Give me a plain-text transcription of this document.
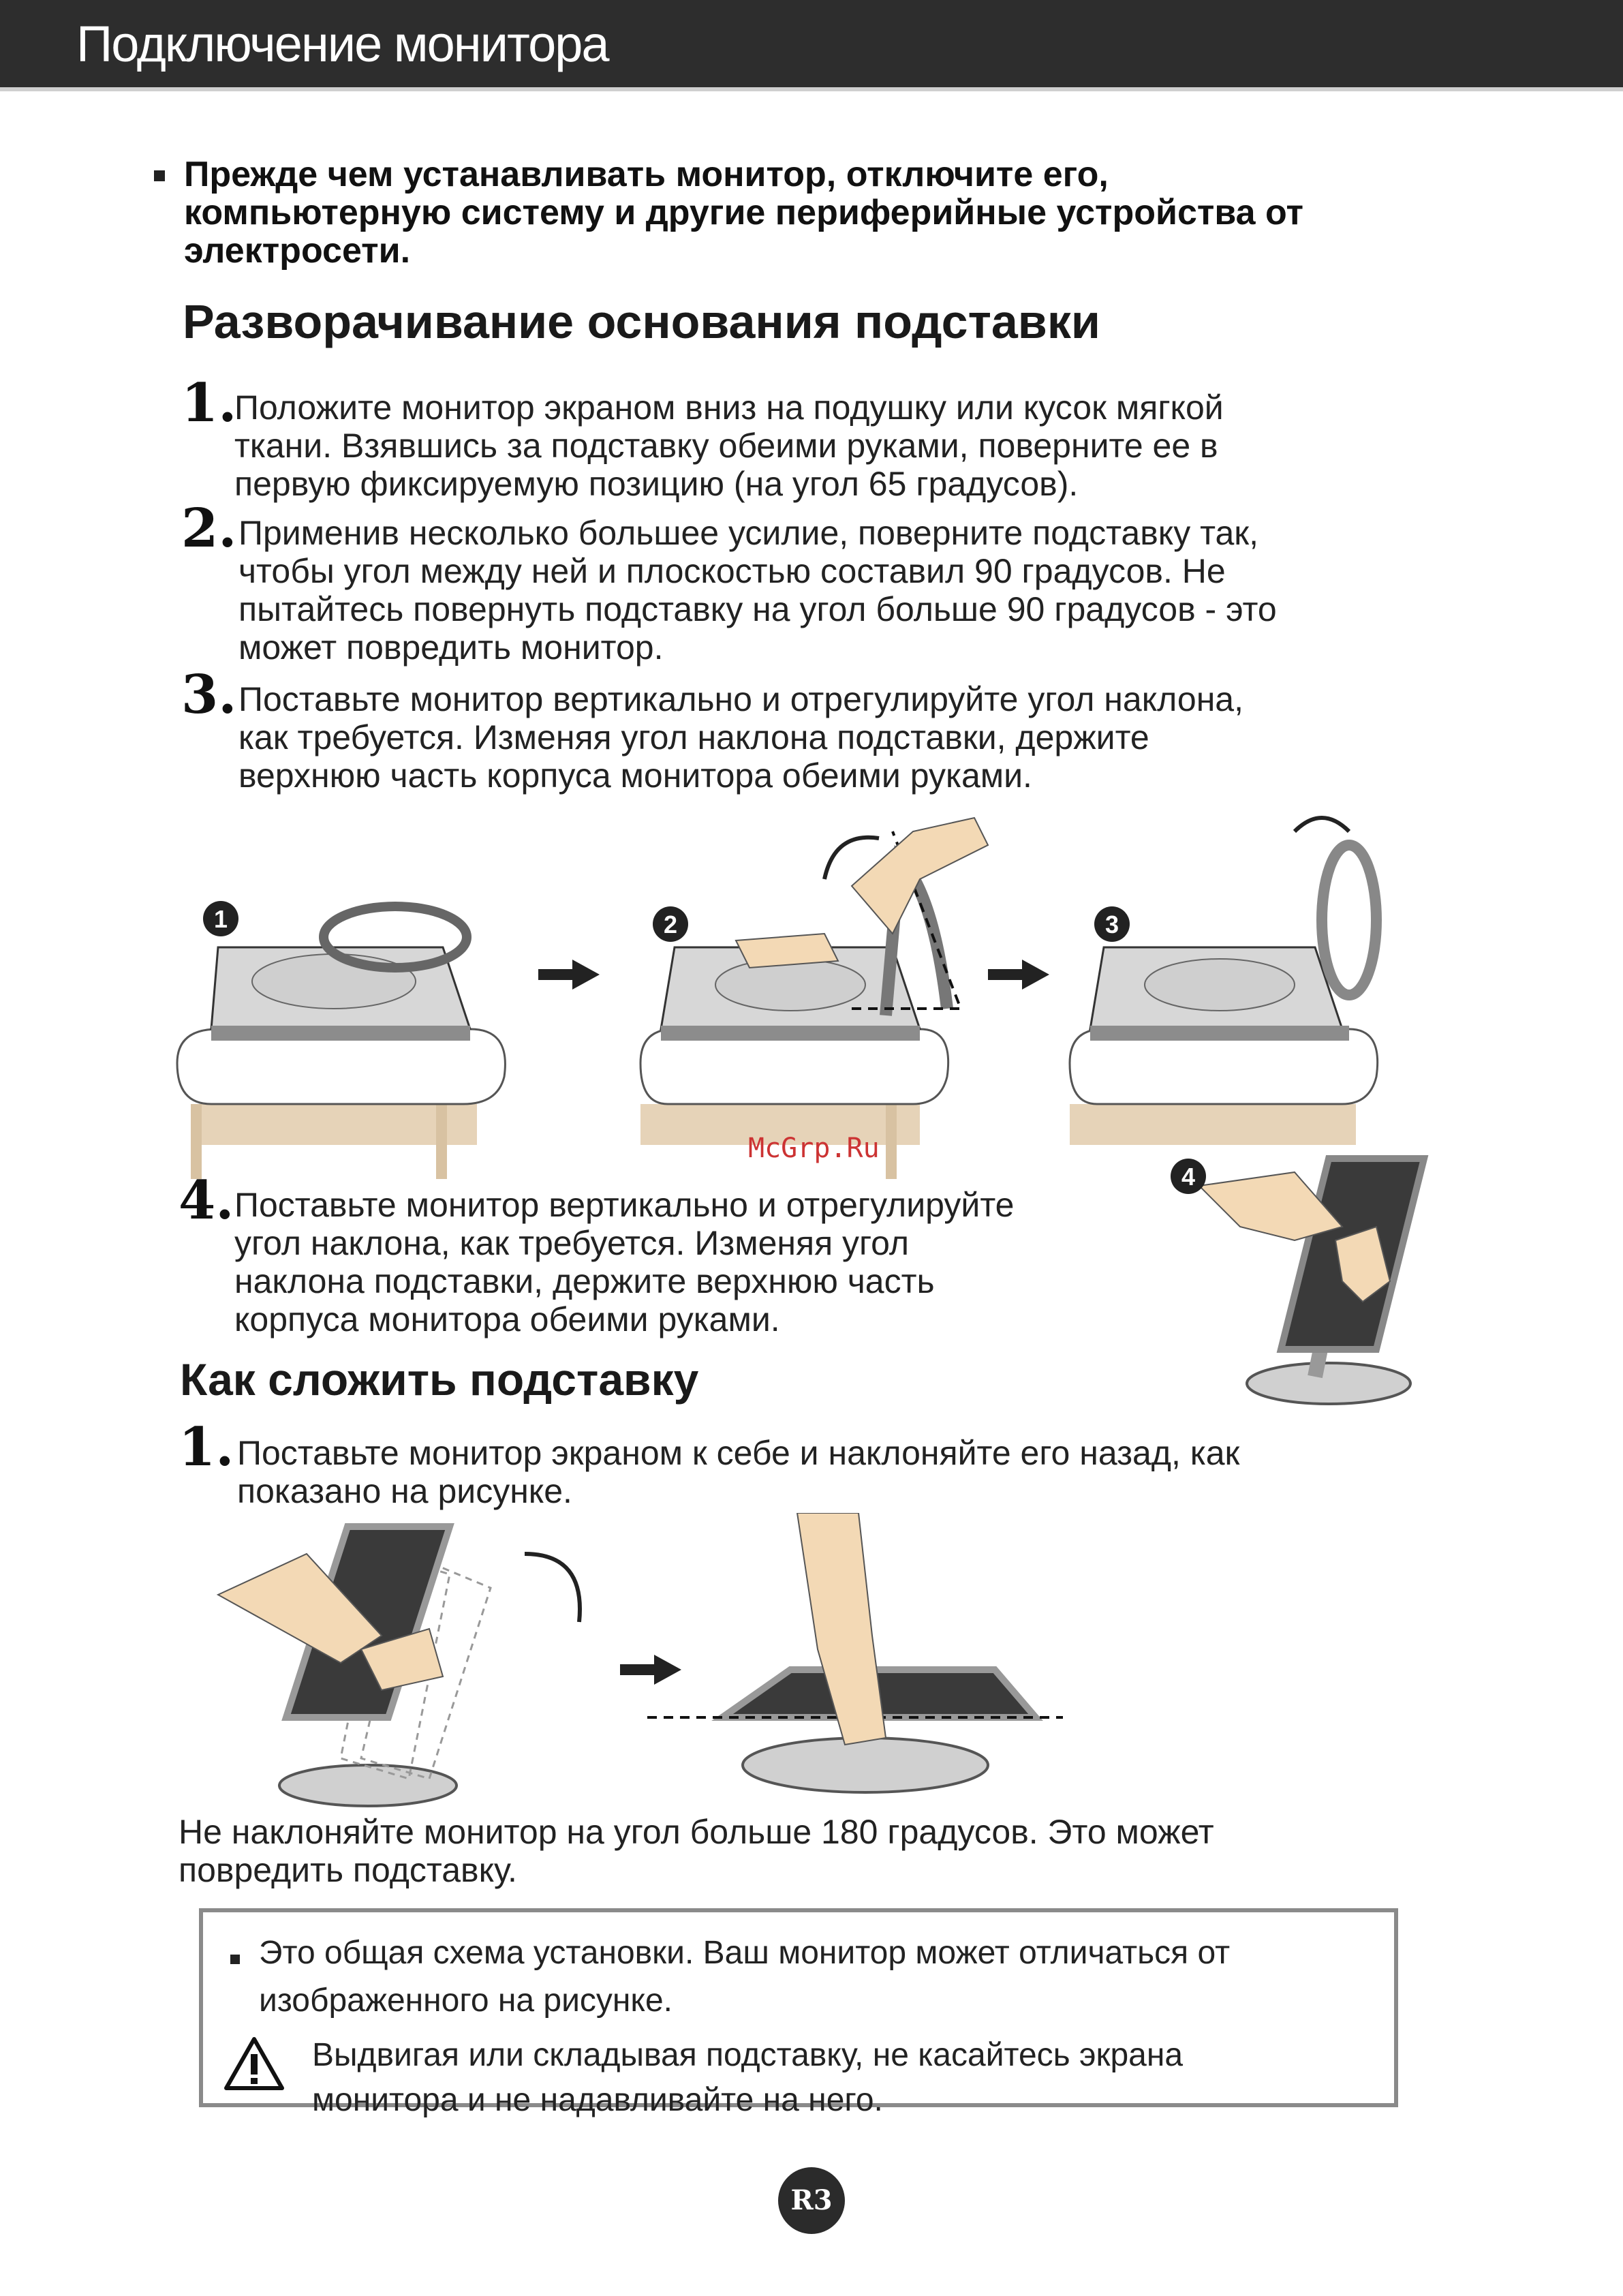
Подключение монитора
Прежде чем устанавливать монитор, отключите его,
компьютерную систему и другие периферийные устройства от
электросети.
Разворачивание основания подставки
1.
Положите монитор экраном вниз на подушку или кусок мягкой
ткани. Взявшись за подставку обеими руками, поверните ее в
первую фиксируемую позицию (на угол 65 градусов).
2. Применив несколько большее усилие, поверните подставку так,
чтобы угол между ней и плоскостью составил 90 градусов. Не
пытайтесь повернуть подставку на угол больше 90 градусов - это
может повредить монитор.
3. Поставьте монитор вертикально и отрегулируйте угол наклона,
как требуется. Изменяя угол наклона подставки, держите
верхнюю часть корпуса монитора обеими руками.
1	2	3
McGrp.Ru
4. Поставьте монитор вертикально и отрегулируйте
угол наклона, как требуется. Изменяя угол
наклона подставки, держите верхнюю часть
корпуса монитора обеими руками.
4
Как сложить подставку
1. Поставьте монитор экраном к себе и наклоняйте его назад, как
показано на рисунке.
Не наклоняйте монитор на угол больше 180 градусов. Это может
повредить подставку.
Это общая схема установки. Ваш монитор может отличаться от
изображенного на рисунке.
Выдвигая или складывая подставку, не касайтесь экрана
монитора и не надавливайте на него.
R3
